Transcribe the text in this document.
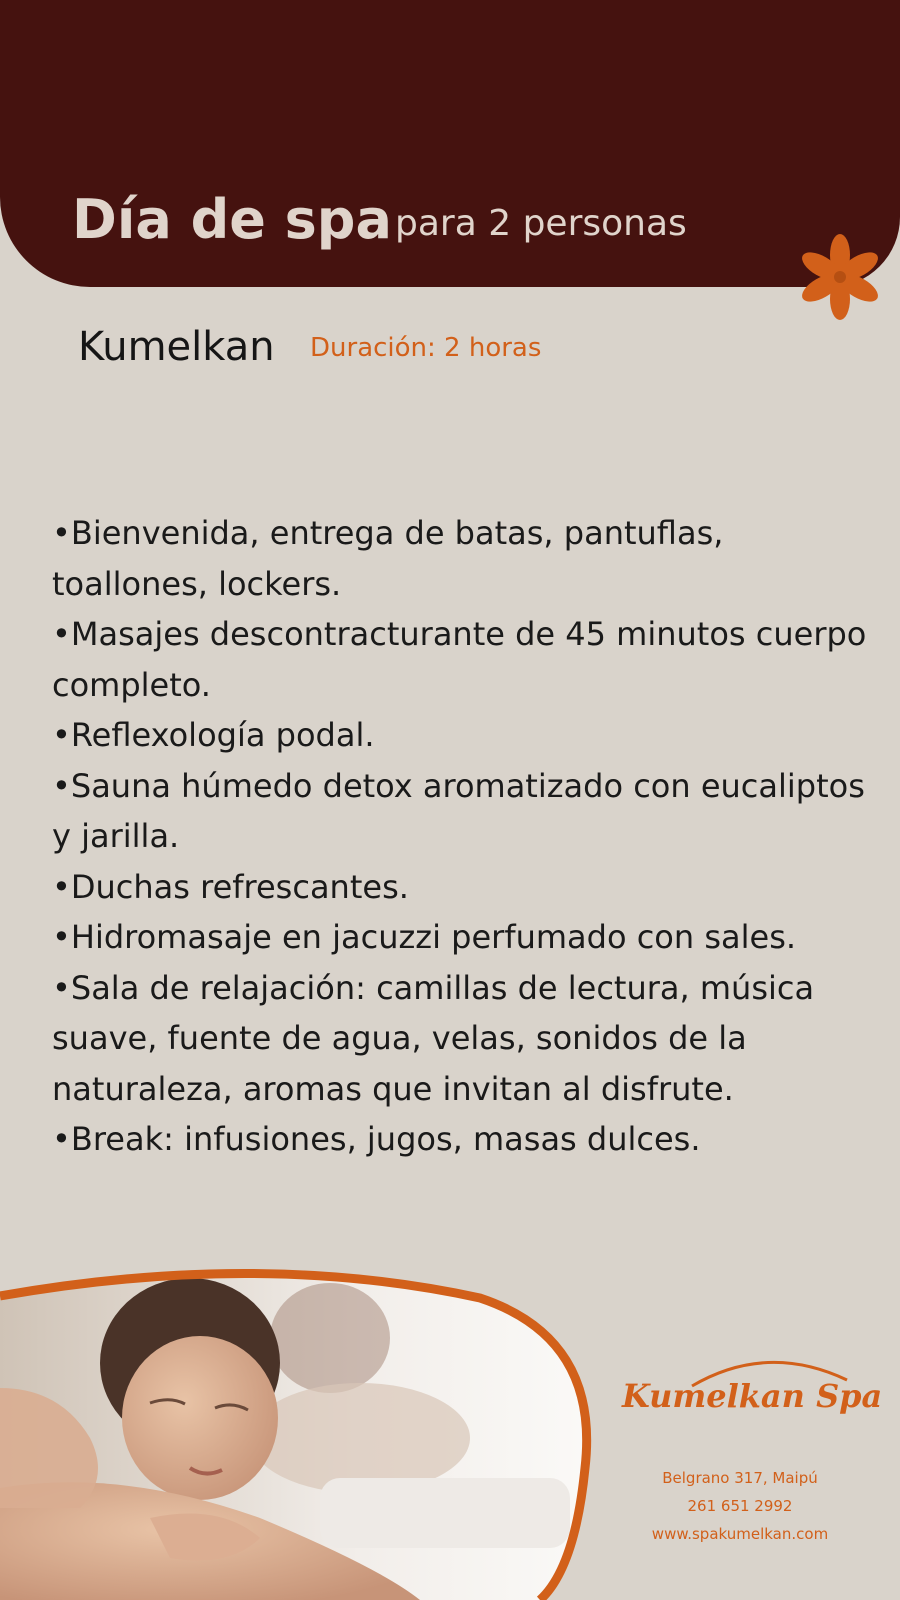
Día de spa para 2 personas
Kumelkan Duración: 2 horas
•Bienvenida, entrega de batas, pantuflas, toallones, lockers.
•Masajes descontracturante de 45 minutos cuerpo completo.
•Reflexología podal.
•Sauna húmedo detox aromatizado con eucaliptos y jarilla.
•Duchas refrescantes.
•Hidromasaje en jacuzzi perfumado con sales.
•Sala de relajación: camillas de lectura, música suave, fuente de agua, velas, sonidos de la naturaleza, aromas que invitan al disfrute.
•Break: infusiones, jugos, masas dulces.
Kumelkan Spa
Belgrano 317, Maipú
261 651 2992
www.spakumelkan.com
